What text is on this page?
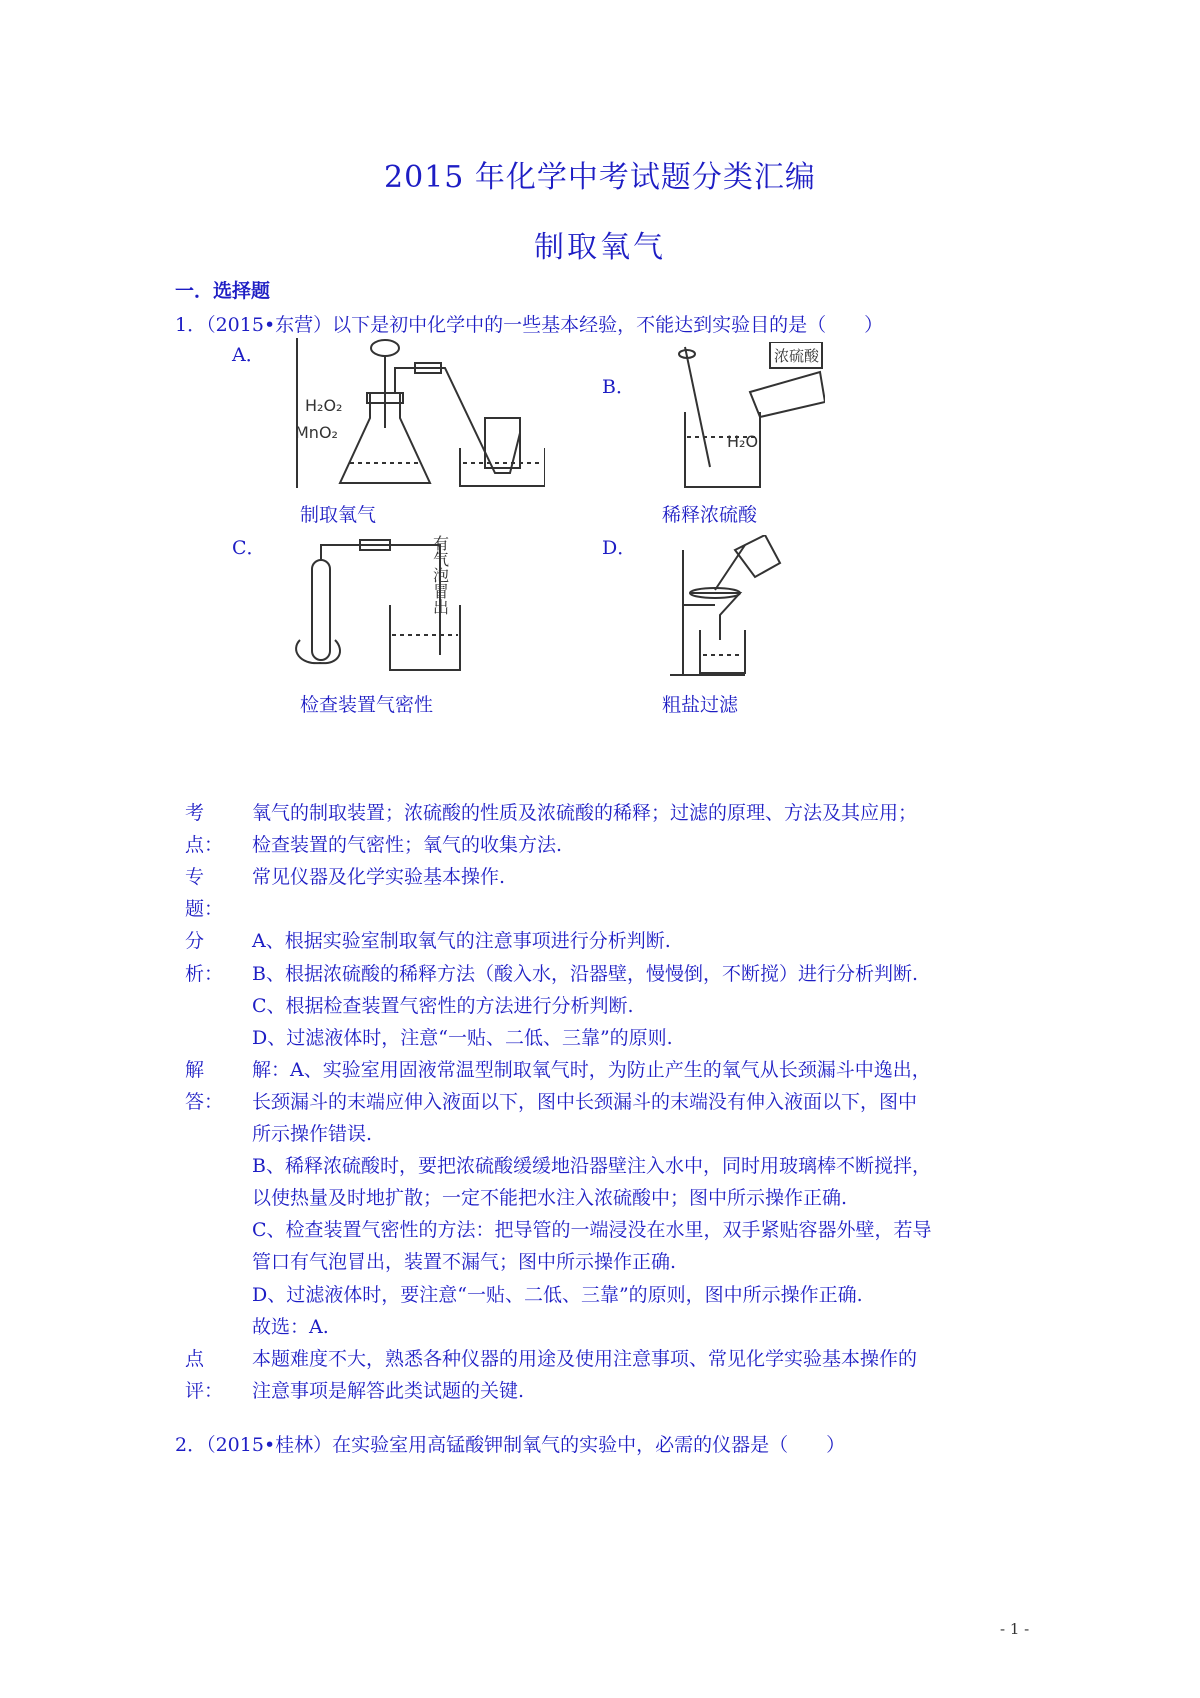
2015 年化学中考试题分类汇编
制取氧气
一．选择题
1．（2015•东营）以下是初中化学中的一些基本经验，不能达到实验目的是（　　）
A．
H₂O₂
MnO₂
制取氧气
B．
浓硫酸
H₂O
稀释浓硫酸
C．	有气泡冒出
检查装置气密性
D．
粗盐过滤
考	氧气的制取装置；浓硫酸的性质及浓硫酸的稀释；过滤的原理、方法及其应用；
点： 检查装置的气密性；氧气的收集方法.
专	常见仪器及化学实验基本操作.
题：
分	A、根据实验室制取氧气的注意事项进行分析判断.
析： B、根据浓硫酸的稀释方法（酸入水，沿器壁，慢慢倒，不断搅）进行分析判断.
C、根据检查装置气密性的方法进行分析判断.
D、过滤液体时，注意“一贴、二低、三靠”的原则.
解	解：A、实验室用固液常温型制取氧气时，为防止产生的氧气从长颈漏斗中逸出，
答： 长颈漏斗的末端应伸入液面以下，图中长颈漏斗的末端没有伸入液面以下，图中
所示操作错误.
B、稀释浓硫酸时，要把浓硫酸缓缓地沿器壁注入水中，同时用玻璃棒不断搅拌，
以使热量及时地扩散；一定不能把水注入浓硫酸中；图中所示操作正确.
C、检查装置气密性的方法：把导管的一端浸没在水里，双手紧贴容器外壁，若导
管口有气泡冒出，装置不漏气；图中所示操作正确.
D、过滤液体时，要注意“一贴、二低、三靠”的原则，图中所示操作正确.
故选：A.
点	本题难度不大，熟悉各种仪器的用途及使用注意事项、常见化学实验基本操作的
评： 注意事项是解答此类试题的关键.
2．（2015•桂林）在实验室用高锰酸钾制氧气的实验中，必需的仪器是（　　）
- 1 -
